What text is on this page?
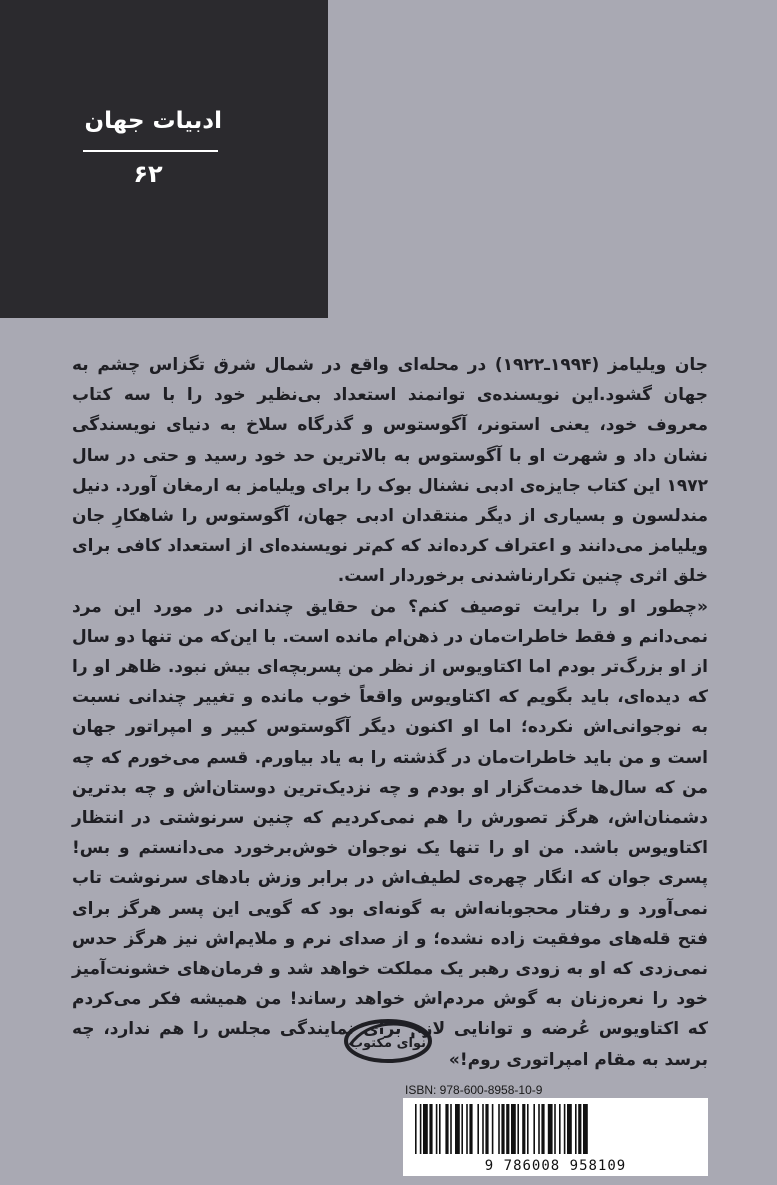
ادبیات جهان
۶۲

جان ویلیامز (۱۹۹۴ـ۱۹۲۲) در محله‌ای واقع در شمال شرق تگزاس چشم به جهان گشود.این نویسنده‌ی توانمند استعداد بی‌نظیر خود را با سه کتاب معروف خود، یعنی استونر، آگوستوس و گذرگاه سلاخ به دنیای نویسندگی نشان داد و شهرت او با آگوستوس به بالاترین حد خود رسید و حتی در سال ۱۹۷۲ این کتاب جایزه‌ی ادبی نشنال بوک را برای ویلیامز به ارمغان آورد. دنیل مندلسون و بسیاری از دیگر منتقدان ادبی جهان، آگوستوس را شاهکارِ جان ویلیامز می‌دانند و اعتراف کرده‌اند که کم‌تر نویسنده‌ای از استعداد کافی برای خلق اثری چنین تکرارناشدنی برخوردار است.

«چطور او را برایت توصیف کنم؟ من حقایق چندانی در مورد این مرد نمی‌دانم و فقط خاطرات‌مان در ذهن‌ام مانده است. با این‌که من تنها دو سال از او بزرگ‌تر بودم اما اکتاویوس از نظر من پسربچه‌ای بیش نبود. ظاهر او را که دیده‌ای، باید بگویم که اکتاویوس واقعاً خوب مانده و تغییر چندانی نسبت به نوجوانی‌اش نکرده؛ اما او اکنون دیگر آگوستوس کبیر و امپراتور جهان است و من باید خاطرات‌مان در گذشته را به یاد بیاورم. قسم می‌خورم که چه من که سال‌ها خدمت‌گزار او بودم و چه نزدیک‌ترین دوستان‌اش و چه بدترین دشمنان‌اش، هرگز تصورش را هم نمی‌کردیم که چنین سرنوشتی در انتظار اکتاویوس باشد. من او را تنها یک نوجوان خوش‌برخورد می‌دانستم و بس! پسری جوان که انگار چهره‌ی لطیف‌اش در برابر وزش بادهای سرنوشت تاب نمی‌آورد و رفتار محجوبانه‌اش به گونه‌ای بود که گویی این پسر هرگز برای فتح قله‌های موفقیت زاده نشده؛ و از صدای نرم و ملایم‌اش نیز هرگز حدس نمی‌زدی که او به زودی رهبر یک مملکت خواهد شد و فرمان‌های خشونت‌آمیز خود را نعره‌زنان به گوش مردم‌اش خواهد رساند! من همیشه فکر می‌کردم که اکتاویوس عُرضه و توانایی لازم برای نمایندگی مجلس را هم ندارد، چه برسد به مقام امپراتوری روم!»

نوای مکتوب
ISBN: 978-600-8958-10-9
9 786008 958109
